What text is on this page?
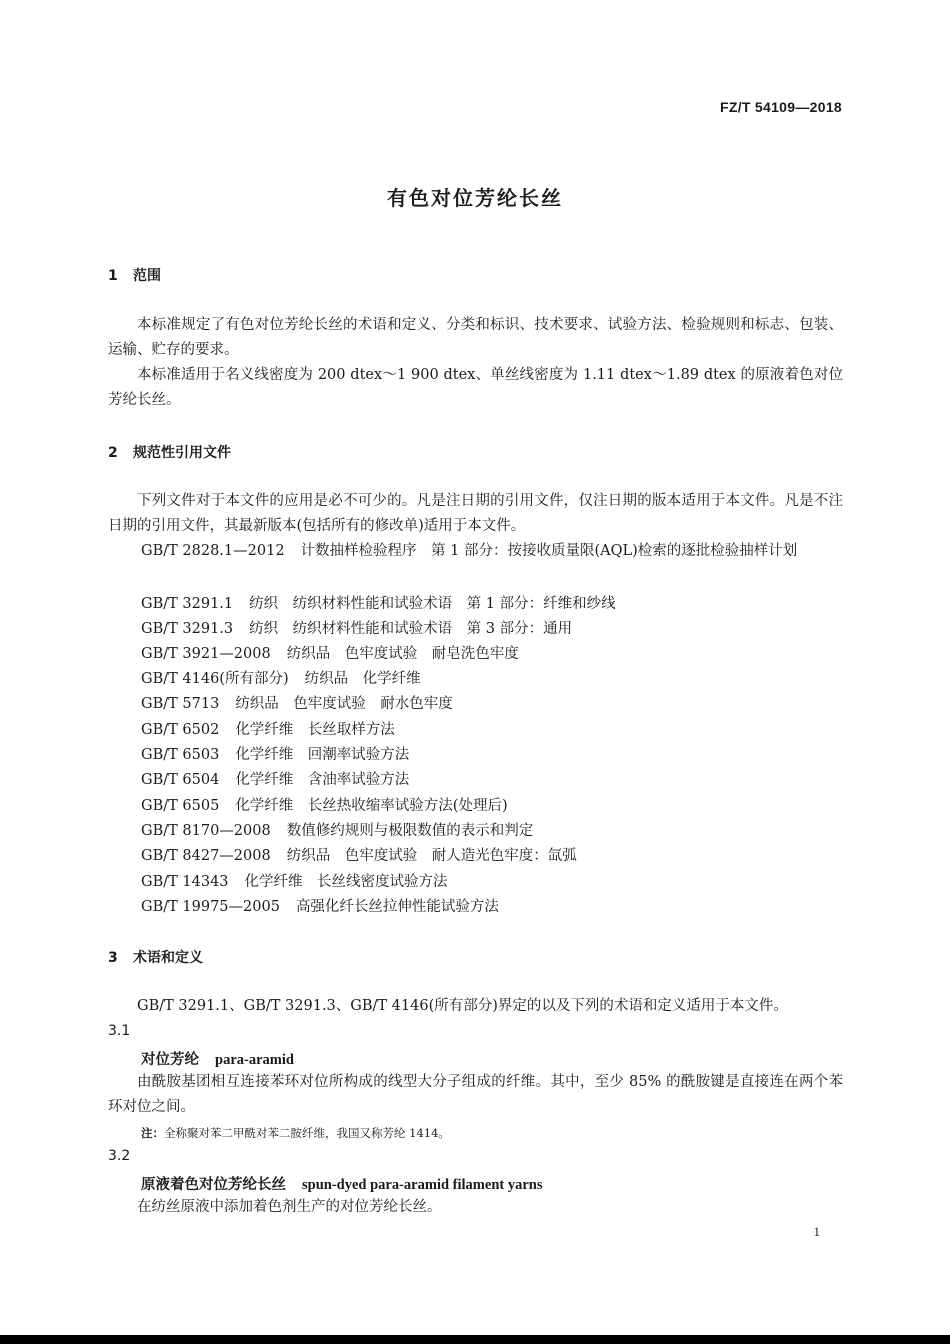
FZ/T 54109—2018
有色对位芳纶长丝
1 范围
本标准规定了有色对位芳纶长丝的术语和定义、分类和标识、技术要求、试验方法、检验规则和标志、包装、运输、贮存的要求。
本标准适用于名义线密度为 200 dtex～1 900 dtex、单丝线密度为 1.11 dtex～1.89 dtex 的原液着色对位芳纶长丝。
2 规范性引用文件
下列文件对于本文件的应用是必不可少的。凡是注日期的引用文件，仅注日期的版本适用于本文件。凡是不注日期的引用文件，其最新版本(包括所有的修改单)适用于本文件。
GB/T 2828.1—2012 计数抽样检验程序　第 1 部分：按接收质量限(AQL)检索的逐批检验抽样计划
GB/T 3291.1 纺织　纺织材料性能和试验术语　第 1 部分：纤维和纱线
GB/T 3291.3 纺织　纺织材料性能和试验术语　第 3 部分：通用
GB/T 3921—2008 纺织品　色牢度试验　耐皂洗色牢度
GB/T 4146(所有部分) 纺织品　化学纤维
GB/T 5713 纺织品　色牢度试验　耐水色牢度
GB/T 6502 化学纤维　长丝取样方法
GB/T 6503 化学纤维　回潮率试验方法
GB/T 6504 化学纤维　含油率试验方法
GB/T 6505 化学纤维　长丝热收缩率试验方法(处理后)
GB/T 8170—2008 数值修约规则与极限数值的表示和判定
GB/T 8427—2008 纺织品　色牢度试验　耐人造光色牢度：氙弧
GB/T 14343 化学纤维　长丝线密度试验方法
GB/T 19975—2005 高强化纤长丝拉伸性能试验方法
3 术语和定义
GB/T 3291.1、GB/T 3291.3、GB/T 4146(所有部分)界定的以及下列的术语和定义适用于本文件。
3.1
对位芳纶 para-aramid
由酰胺基团相互连接苯环对位所构成的线型大分子组成的纤维。其中，至少 85% 的酰胺键是直接连在两个苯环对位之间。
注：全称聚对苯二甲酰对苯二胺纤维，我国又称芳纶 1414。
3.2
原液着色对位芳纶长丝 spun-dyed para-aramid filament yarns
在纺丝原液中添加着色剂生产的对位芳纶长丝。
1
